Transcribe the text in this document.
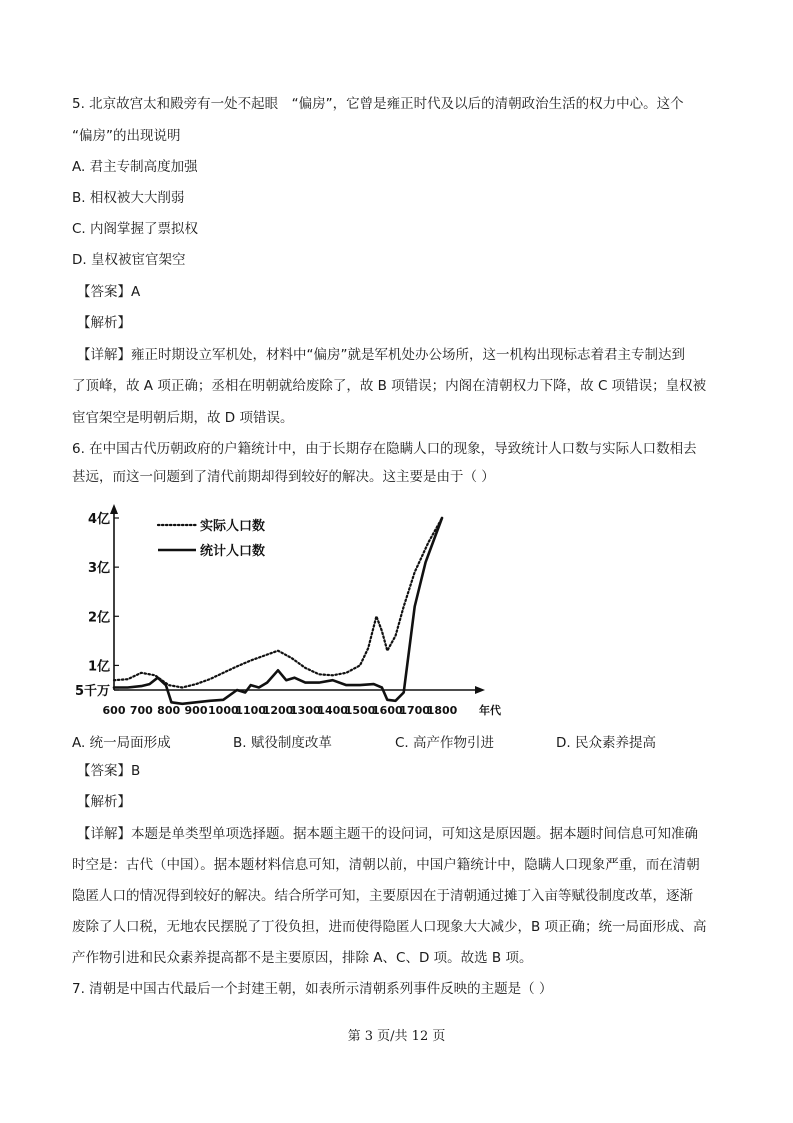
5. 北京故宫太和殿旁有一处不起眼　“偏房”，它曾是雍正时代及以后的清朝政治生活的权力中心。这个
“偏房”的出现说明
A. 君主专制高度加强
B. 相权被大大削弱
C. 内阁掌握了票拟权
D. 皇权被宦官架空
【答案】A
【解析】
【详解】雍正时期设立军机处，材料中“偏房”就是军机处办公场所，这一机构出现标志着君主专制达到
了顶峰，故 A 项正确；丞相在明朝就给废除了，故 B 项错误；内阁在清朝权力下降，故 C 项错误；皇权被
宦官架空是明朝后期，故 D 项错误。
6. 在中国古代历朝政府的户籍统计中，由于长期存在隐瞒人口的现象，导致统计人口数与实际人口数相去
甚远，而这一问题到了清代前期却得到较好的解决。这主要是由于（ ）
5千万
1亿
2亿
3亿
4亿
600 700 800 900 1000
1100
1200
1300
1400
1500
1600
1700
1800 年代
实际人口数
统计人口数
A. 统一局面形成	B. 赋役制度改革	C. 高产作物引进	D. 民众素养提高
【答案】B
【解析】
【详解】本题是单类型单项选择题。据本题主题干的设问词，可知这是原因题。据本题时间信息可知准确
时空是：古代（中国）。据本题材料信息可知，清朝以前，中国户籍统计中，隐瞒人口现象严重，而在清朝
隐匿人口的情况得到较好的解决。结合所学可知，主要原因在于清朝通过摊丁入亩等赋役制度改革，逐渐
废除了人口税，无地农民摆脱了丁役负担，进而使得隐匿人口现象大大减少，B 项正确；统一局面形成、高
产作物引进和民众素养提高都不是主要原因，排除 A、C、D 项。故选 B 项。
7. 清朝是中国古代最后一个封建王朝，如表所示清朝系列事件反映的主题是（ ）
第 3 页/共 12 页
